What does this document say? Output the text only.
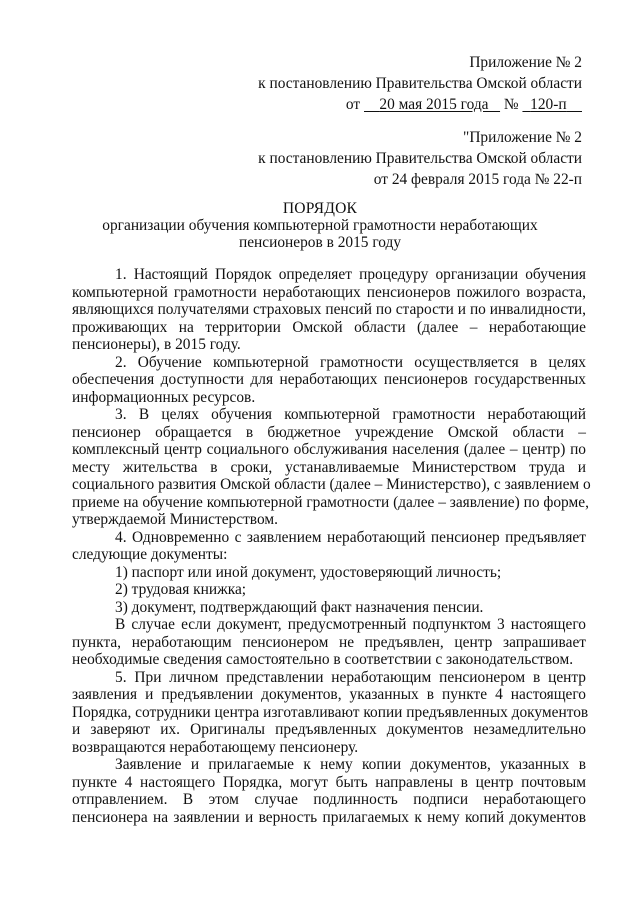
Приложение № 2
к постановлению Правительства Омской области
от 20 мая 2015 года № 120-п
"Приложение № 2
к постановлению Правительства Омской области
от 24 февраля 2015 года № 22-п
ПОРЯДОК
организации обучения компьютерной грамотности неработающих
пенсионеров в 2015 году
1. Настоящий Порядок определяет процедуру организации обучения
компьютерной грамотности неработающих пенсионеров пожилого возраста,
являющихся получателями страховых пенсий по старости и по инвалидности,
проживающих на территории Омской области (далее – неработающие
пенсионеры), в 2015 году.
2. Обучение компьютерной грамотности осуществляется в целях
обеспечения доступности для неработающих пенсионеров государственных
информационных ресурсов.
3. В целях обучения компьютерной грамотности неработающий
пенсионер обращается в бюджетное учреждение Омской области –
комплексный центр социального обслуживания населения (далее – центр) по
месту жительства в сроки, устанавливаемые Министерством труда и
социального развития Омской области (далее – Министерство), с заявлением о
приеме на обучение компьютерной грамотности (далее – заявление) по форме,
утверждаемой Министерством.
4. Одновременно с заявлением неработающий пенсионер предъявляет
следующие документы:
1) паспорт или иной документ, удостоверяющий личность;
2) трудовая книжка;
3) документ, подтверждающий факт назначения пенсии.
В случае если документ, предусмотренный подпунктом 3 настоящего
пункта, неработающим пенсионером не предъявлен, центр запрашивает
необходимые сведения самостоятельно в соответствии с законодательством.
5. При личном представлении неработающим пенсионером в центр
заявления и предъявлении документов, указанных в пункте 4 настоящего
Порядка, сотрудники центра изготавливают копии предъявленных документов
и заверяют их. Оригиналы предъявленных документов незамедлительно
возвращаются неработающему пенсионеру.
Заявление и прилагаемые к нему копии документов, указанных в
пункте 4 настоящего Порядка, могут быть направлены в центр почтовым
отправлением. В этом случае подлинность подписи неработающего
пенсионера на заявлении и верность прилагаемых к нему копий документов
